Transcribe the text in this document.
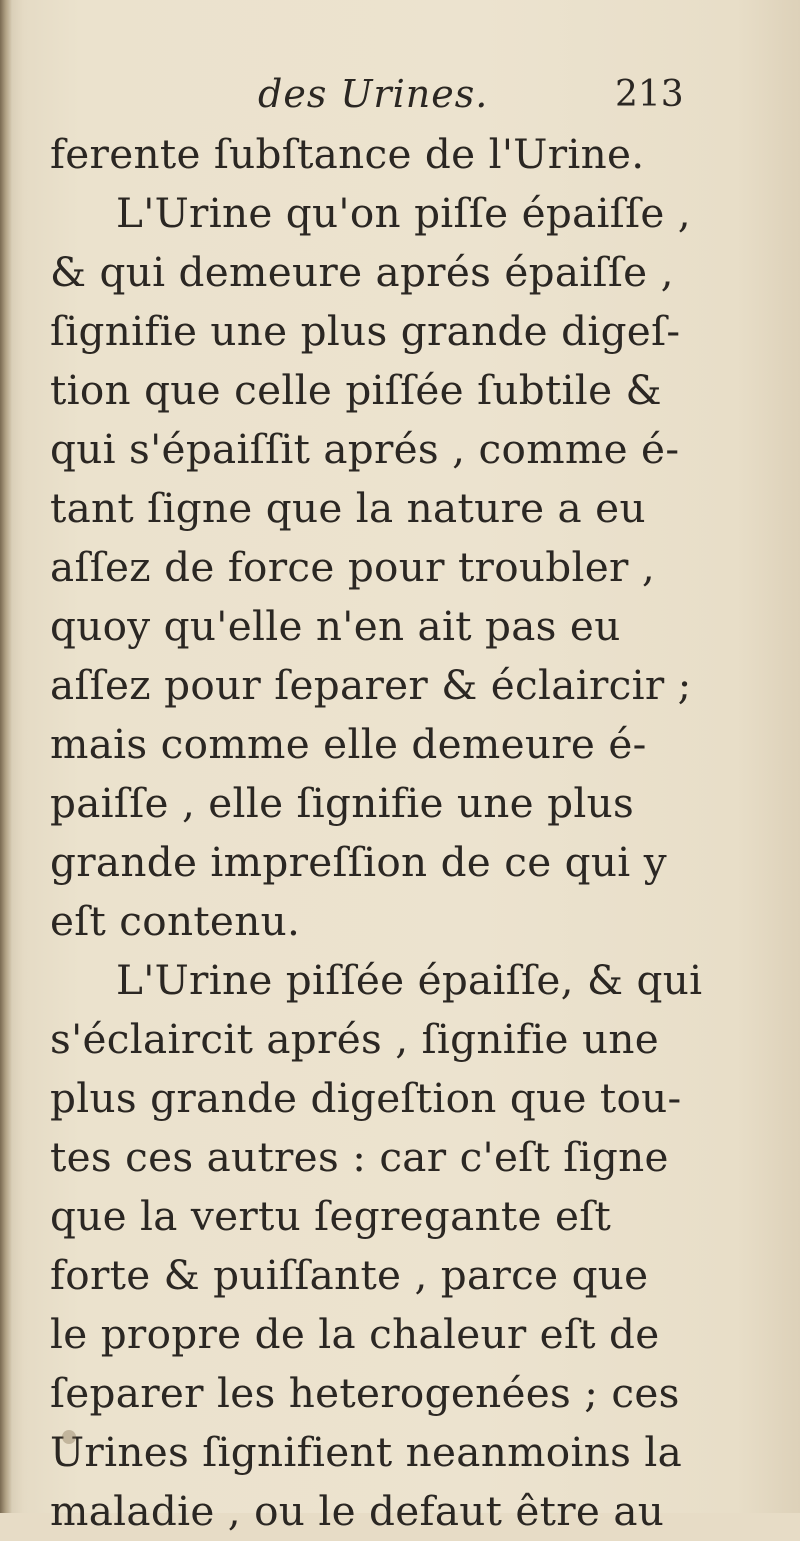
des Urines.	213
ferente ſubſtance de l'Urine.
L'Urine qu'on piſſe épaiſſe ,
& qui demeure aprés épaiſſe ,
ſignifie une plus grande digeſ-
tion que celle piſſée ſubtile &
qui s'épaiſſit aprés , comme é-
tant ſigne que la nature a eu
aſſez de force pour troubler ,
quoy qu'elle n'en ait pas eu
aſſez pour ſeparer & éclaircir ;
mais comme elle demeure é-
paiſſe , elle ſignifie une plus
grande impreſſion de ce qui y
eſt contenu.
L'Urine piſſée épaiſſe, & qui
s'éclaircit aprés , ſignifie une
plus grande digeſtion que tou-
tes ces autres : car c'eſt ſigne
que la vertu ſegregante eſt
forte & puiſſante , parce que
le propre de la chaleur eſt de
ſeparer les heterogenées ; ces
Urines ſignifient neanmoins la
maladie , ou le defaut être au
